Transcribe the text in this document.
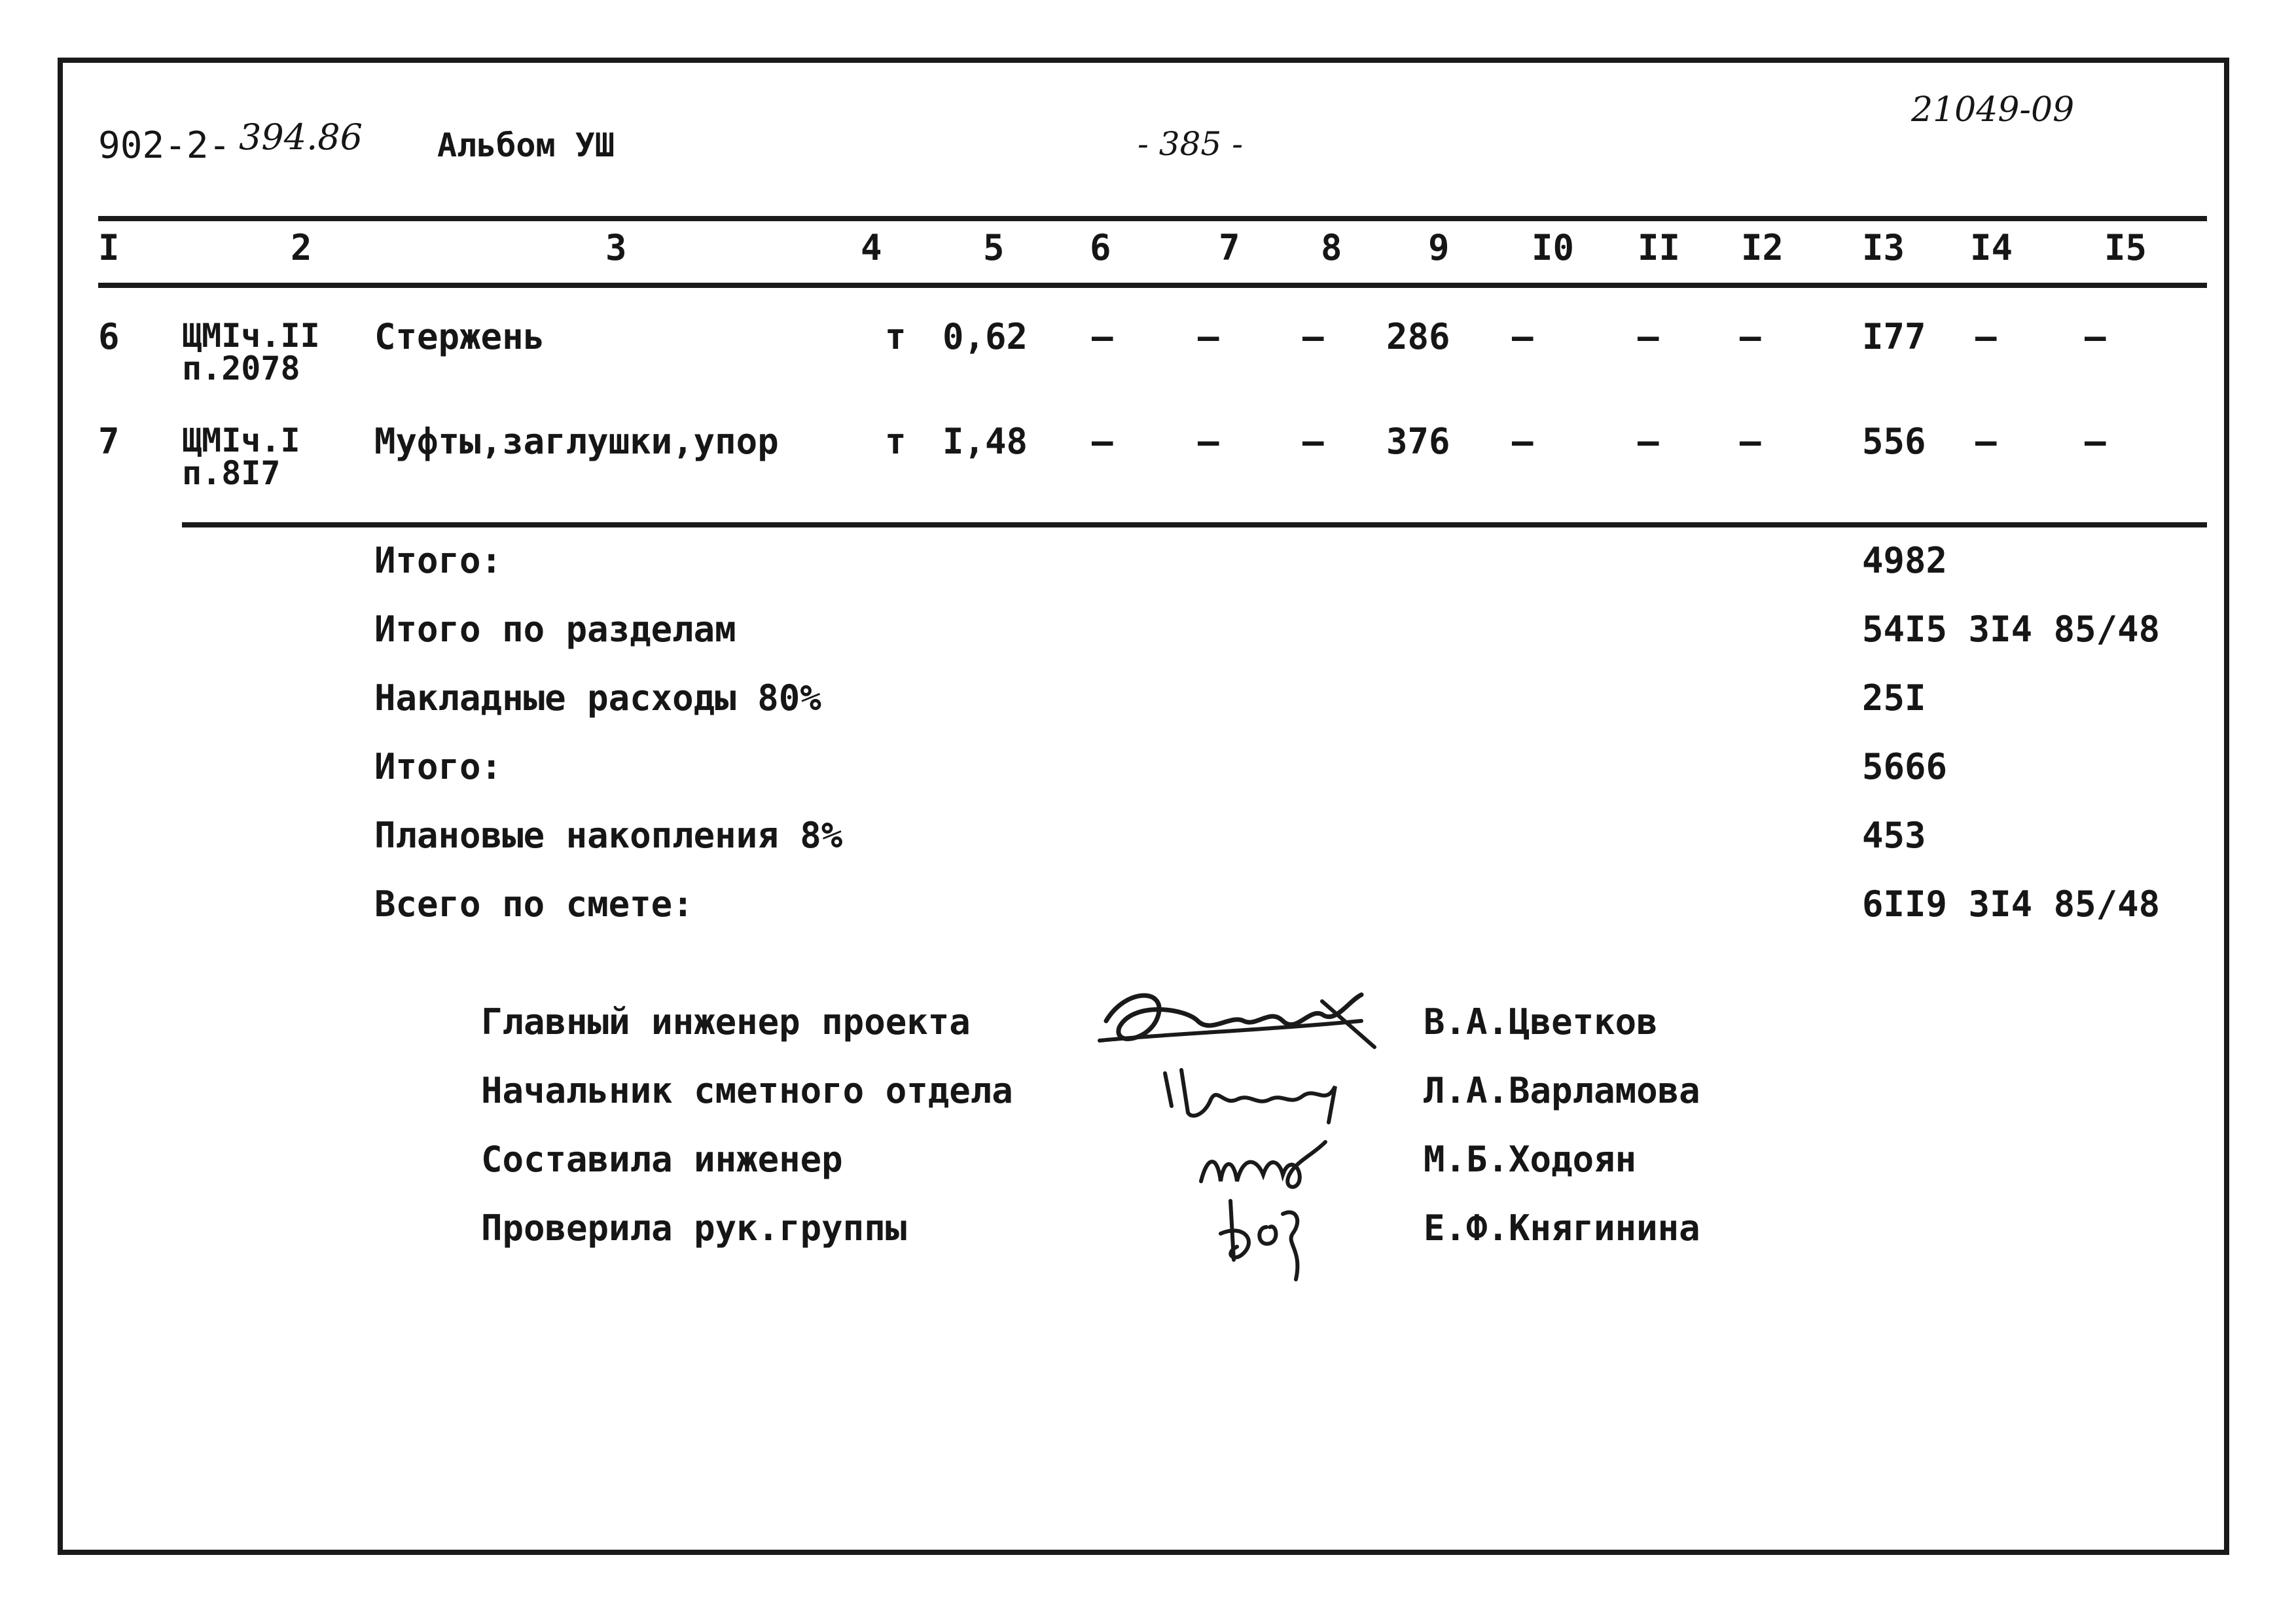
902-2- 394.86 Альбом УШ	- 385 -
21049-09
I	2	3	4	5 6	7 8 9 I0 II I2 I3 I4	I5
6 ЩМIч.II
п.2078
Стержень	т 0,62 – – – 286 –	– –	I77 – –
7 ЩМIч.I
п.8I7
Муфты,заглушки,упор	т I,48 – – – 376 –	– –	556 – –
Итого:	4982
Итого по разделам	54I5 3I4 85/48
Накладные расходы 80%	25I
Итого:	5666
Плановые накопления 8%	453
Всего по смете:	6II9 3I4 85/48
Главный инженер проекта	В.А.Цветков
Начальник сметного отдела	Л.А.Варламова
Составила инженер	М.Б.Ходоян
Проверила рук.группы	Е.Ф.Княгинина
